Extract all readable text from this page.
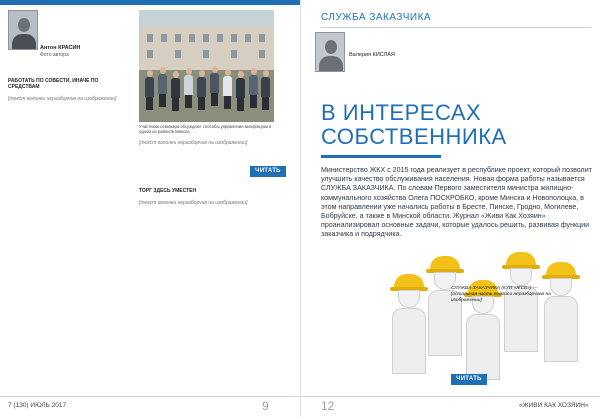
Антон КРАСИН
Фото автора
РАБОТАТЬ ПО СОВЕСТИ, ИНАЧЕ ПО СРЕДСТВАМ
[текст колонки неразборчив на изображении]
Участники семинара обсуждают способы управления жилфондом в одном из районов Минска
[текст колонки неразборчив на изображении]
ЧИТАТЬ
ТОРГ ЗДЕСЬ УМЕСТЕН
[текст колонки неразборчив на изображении]
7 (130) ИЮЛЬ 2017	9
СЛУЖБА ЗАКАЗЧИКА
Валерия КИСЛАЯ
В ИНТЕРЕСАХ СОБСТВЕННИКА

Министерство ЖКХ с 2015 года реализует в республике проект, который позволит улучшить качество обслуживания населения. Новая форма работы называется СЛУЖБА ЗАКАЗЧИКА. По словам Первого заместителя министра жилищно-коммунального хозяйства Олега ПОСКРОБКО, кроме Минска и Новополоцка, в этом направлении уже начались работы в Бресте, Пинске, Гродно, Могилеве, Бобруйске, а также в Минской области. Журнал «Живи Как Хозяин» проанализировал основные задачи, которые удалось решить, развивая функции заказчика и подрядчика.

СЛУЖБА ЗАКАЗЧИКА (КУП «ЖСБ») — [остальная часть подписи неразборчива на изображении]
ЧИТАТЬ
12	«ЖИВИ КАК ХОЗЯИН»
